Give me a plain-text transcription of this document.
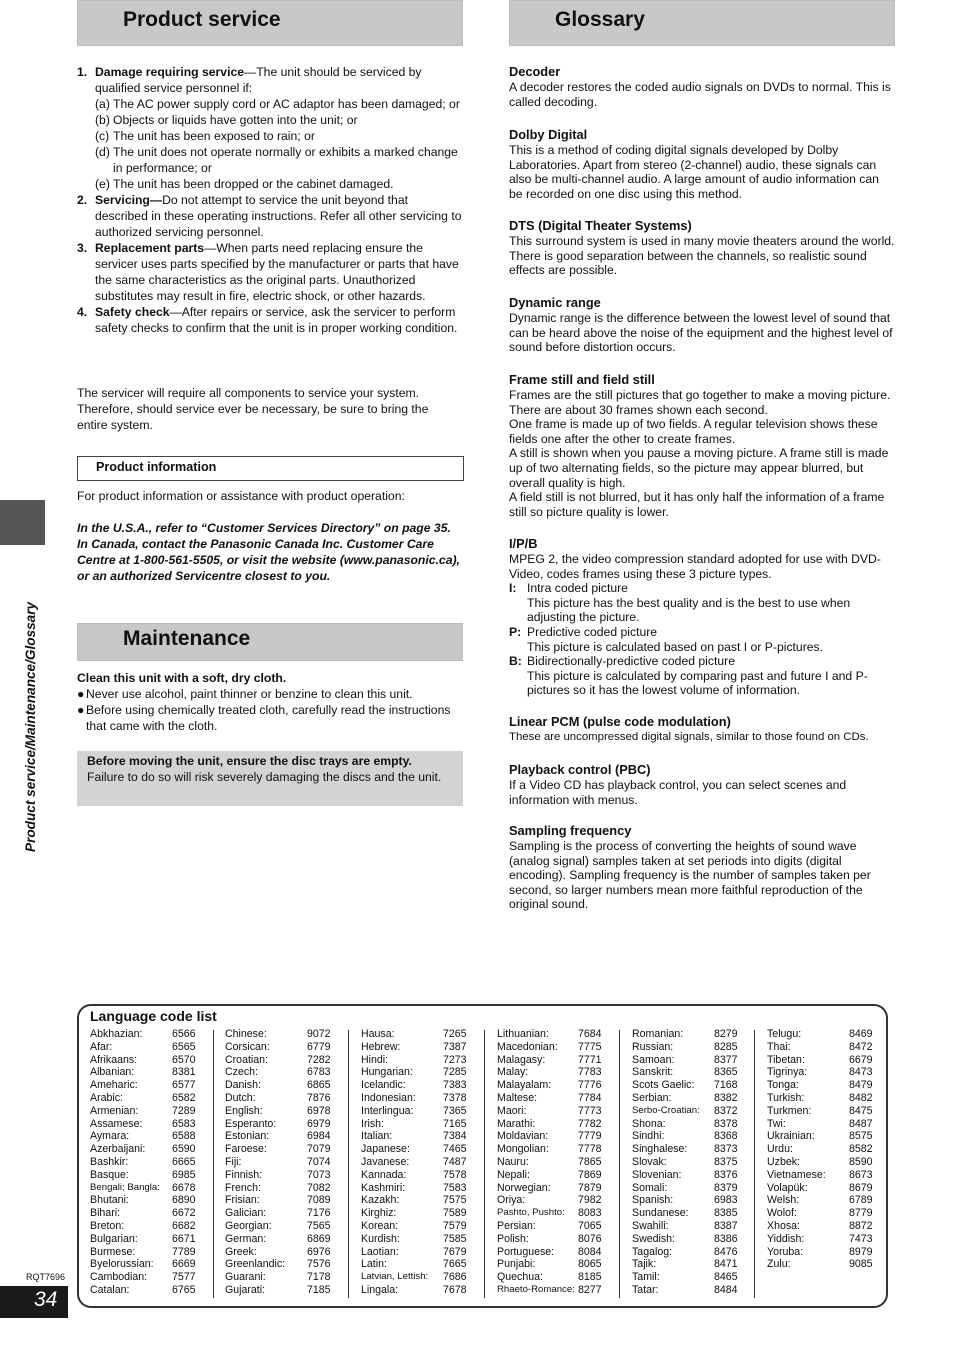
Product service
1. Damage requiring service—The unit should be serviced by qualified service personnel if:
(a) The AC power supply cord or AC adaptor has been damaged; or
(b) Objects or liquids have gotten into the unit; or
(c) The unit has been exposed to rain; or
(d) The unit does not operate normally or exhibits a marked change in performance; or
(e) The unit has been dropped or the cabinet damaged.
2. Servicing—Do not attempt to service the unit beyond that described in these operating instructions. Refer all other servicing to authorized servicing personnel.
3. Replacement parts—When parts need replacing ensure the servicer uses parts specified by the manufacturer or parts that have the same characteristics as the original parts. Unauthorized substitutes may result in fire, electric shock, or other hazards.
4. Safety check—After repairs or service, ask the servicer to perform safety checks to confirm that the unit is in proper working condition.
The servicer will require all components to service your system. Therefore, should service ever be necessary, be sure to bring the entire system.
Product information
For product information or assistance with product operation:
In the U.S.A., refer to “Customer Services Directory” on page 35. In Canada, contact the Panasonic Canada Inc. Customer Care Centre at 1-800-561-5505, or visit the website (www.panasonic.ca), or an authorized Servicentre closest to you.
Maintenance
Clean this unit with a soft, dry cloth.
● Never use alcohol, paint thinner or benzine to clean this unit.
● Before using chemically treated cloth, carefully read the instructions that came with the cloth.
Before moving the unit, ensure the disc trays are empty.
Failure to do so will risk severely damaging the discs and the unit.
Glossary

Decoder

A decoder restores the coded audio signals on DVDs to normal. This is called decoding.

Dolby Digital

This is a method of coding digital signals developed by Dolby Laboratories. Apart from stereo (2-channel) audio, these signals can also be multi-channel audio. A large amount of audio information can be recorded on one disc using this method.

DTS (Digital Theater Systems)

This surround system is used in many movie theaters around the world. There is good separation between the channels, so realistic sound effects are possible.

Dynamic range

Dynamic range is the difference between the lowest level of sound that can be heard above the noise of the equipment and the highest level of sound before distortion occurs.

Frame still and field still

Frames are the still pictures that go together to make a moving picture. There are about 30 frames shown each second.

One frame is made up of two fields. A regular television shows these fields one after the other to create frames.

A still is shown when you pause a moving picture. A frame still is made up of two alternating fields, so the picture may appear blurred, but overall quality is high.

A field still is not blurred, but it has only half the information of a frame still so picture quality is lower.

I/P/B

MPEG 2, the video compression standard adopted for use with DVD-Video, codes frames using these 3 picture types.

I: Intra coded picture
This picture has the best quality and is the best to use when adjusting the picture.
P: Predictive coded picture
This picture is calculated based on past I or P-pictures.
B: Bidirectionally-predictive coded picture
This picture is calculated by comparing past and future I and P-pictures so it has the lowest volume of information.

Linear PCM (pulse code modulation)

These are uncompressed digital signals, similar to those found on CDs.

Playback control (PBC)

If a Video CD has playback control, you can select scenes and information with menus.

Sampling frequency

Sampling is the process of converting the heights of sound wave (analog signal) samples taken at set periods into digits (digital encoding). Sampling frequency is the number of samples taken per second, so larger numbers mean more faithful reproduction of the original sound.

Product service/Maintenance/Glossary
Language code list
Abkhazian:	6566
Afar:	6565
Afrikaans:	6570
Albanian:	8381
Ameharic:	6577
Arabic:	6582
Armenian:	7289
Assamese:	6583
Aymara:	6588
Azerbaijani:	6590
Bashkir:	6665
Basque:	6985
Bengali; Bangla: 6678
Bhutani:	6890
Bihari:	6672
Breton:	6682
Bulgarian:	6671
Burmese:	7789
Byelorussian: 6669
Cambodian: 7577
Catalan:	6765
Chinese:	9072
Corsican:	6779
Croatian:	7282
Czech:	6783
Danish:	6865
Dutch:	7876
English:	6978
Esperanto:	6979
Estonian:	6984
Faroese:	7079
Fiji:	7074
Finnish:	7073
French:	7082
Frisian:	7089
Galician:	7176
Georgian:	7565
German:	6869
Greek:	6976
Greenlandic: 7576
Guarani:	7178
Gujarati:	7185
Hausa:	7265
Hebrew:	7387
Hindi:	7273
Hungarian:	7285
Icelandic:	7383
Indonesian:	7378
Interlingua:	7365
Irish:	7165
Italian:	7384
Japanese:	7465
Javanese:	7487
Kannada:	7578
Kashmiri:	7583
Kazakh:	7575
Kirghiz:	7589
Korean:	7579
Kurdish:	7585
Laotian:	7679
Latin:	7665
Latvian, Lettish: 7686
Lingala:	7678
Lithuanian:	7684
Macedonian: 7775
Malagasy:	7771
Malay:	7783
Malayalam:	7776
Maltese:	7784
Maori:	7773
Marathi:	7782
Moldavian:	7779
Mongolian:	7778
Nauru:	7865
Nepali:	7869
Norwegian:	7879
Oriya:	7982
Pashto, Pushto: 8083
Persian:	7065
Polish:	8076
Portuguese: 8084
Punjabi:	8065
Quechua:	8185
Rhaeto-Romance: 8277
Romanian:	8279
Russian:	8285
Samoan:	8377
Sanskrit:	8365
Scots Gaelic: 7168
Serbian:	8382
Serbo-Croatian: 8372
Shona:	8378
Sindhi:	8368
Singhalese:	8373
Slovak:	8375
Slovenian:	8376
Somali:	8379
Spanish:	6983
Sundanese: 8385
Swahili:	8387
Swedish:	8386
Tagalog:	8476
Tajik:	8471
Tamil:	8465
Tatar:	8484
Telugu:	8469
Thai:	8472
Tibetan:	6679
Tigrinya:	8473
Tonga:	8479
Turkish:	8482
Turkmen:	8475
Twi:	8487
Ukrainian:	8575
Urdu:	8582
Uzbek:	8590
Vietnamese: 8673
Volapük:	8679
Welsh:	6789
Wolof:	8779
Xhosa:	8872
Yiddish:	7473
Yoruba:	8979
Zulu:	9085
RQT7696
34
